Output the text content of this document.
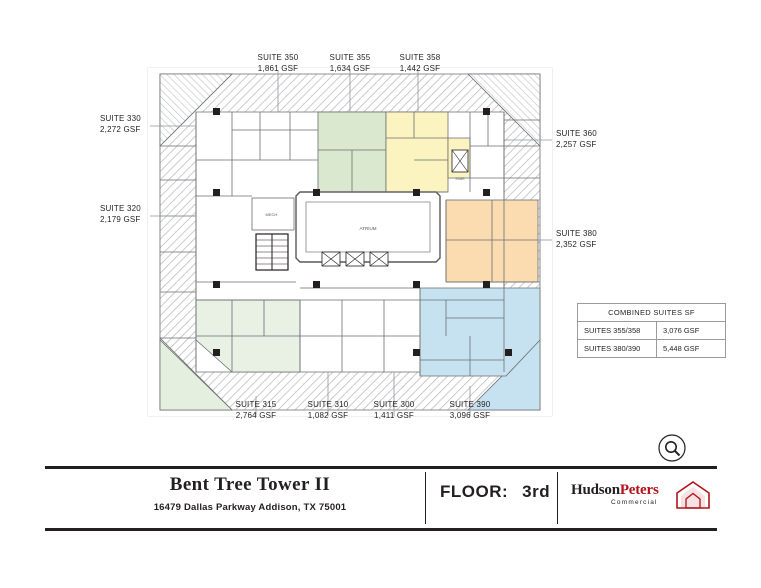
ATRIUM
MECH.
STAIR
SUITE 350
1,861 GSF
SUITE 355
1,634 GSF
SUITE 358
1,442 GSF
SUITE 330
2,272 GSF
SUITE 320
2,179 GSF
SUITE 360
2,257 GSF
SUITE 380
2,352 GSF
SUITE 315
2,764 GSF
SUITE 310
1,082 GSF
SUITE 300
1,411 GSF
SUITE 390
3,096 GSF
COMBINED SUITES SF
SUITES 355/358	3,076 GSF
SUITES 380/390	5,448 GSF
Bent Tree Tower II
16479 Dallas Parkway Addison, TX 75001
FLOOR: 3rd HudsonPeters
Commercial
